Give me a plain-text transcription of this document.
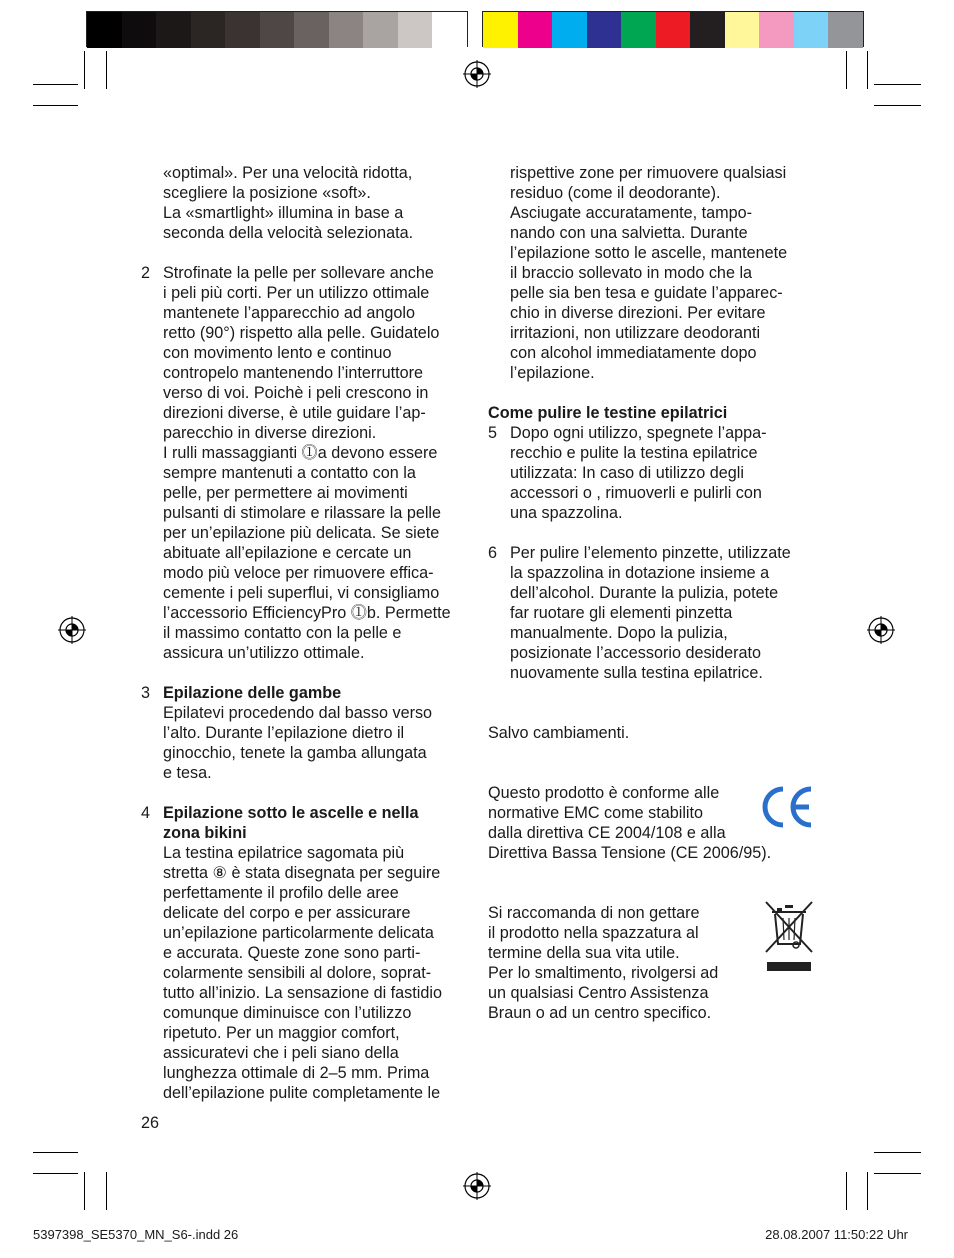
«optimal». Per una velocità ridotta,
scegliere la posizione «soft».
La «smartlight» illumina in base a
seconda della velocità selezionata.
2 Strofinate la pelle per sollevare anche
i peli più corti. Per un utilizzo ottimale
mantenete l’apparecchio ad angolo
retto (90°) rispetto alla pelle. Guidatelo
con movimento lento e continuo
contropelo mantenendo l’interruttore
verso di voi. Poichè i peli crescono in
direzioni diverse, è utile guidare l’ap-
parecchio in diverse direzioni.
I rulli massaggianti ⓵a devono essere
sempre mantenuti a contatto con la
pelle, per permettere ai movimenti
pulsanti di stimolare e rilassare la pelle
per un’epilazione più delicata. Se siete
abituate all’epilazione e cercate un
modo più veloce per rimuovere effica-
cemente i peli superflui, vi consigliamo
l’accessorio EfficiencyPro ⓵b. Permette
il massimo contatto con la pelle e
assicura un’utilizzo ottimale.
3 Epilazione delle gambe
Epilatevi procedendo dal basso verso
l’alto. Durante l’epilazione dietro il
ginocchio, tenete la gamba allungata
e tesa.
4 Epilazione sotto le ascelle e nella
zona bikini
La testina epilatrice sagomata più
stretta ⑧ è stata disegnata per seguire
perfettamente il profilo delle aree
delicate del corpo e per assicurare
un’epilazione particolarmente delicata
e accurata. Queste zone sono parti-
colarmente sensibili al dolore, soprat-
tutto all’inizio. La sensazione di fastidio
comunque diminuisce con l’utilizzo
ripetuto. Per un maggior comfort,
assicuratevi che i peli siano della
lunghezza ottimale di 2–5 mm. Prima
dell’epilazione pulite completamente le
rispettive zone per rimuovere qualsiasi
residuo (come il deodorante).
Asciugate accuratamente, tampo-
nando con una salvietta. Durante
l’epilazione sotto le ascelle, mantenete
il braccio sollevato in modo che la
pelle sia ben tesa e guidate l’apparec-
chio in diverse direzioni. Per evitare
irritazioni, non utilizzare deodoranti
con alcohol immediatamente dopo
l’epilazione.
Come pulire le testine epilatrici
5 Dopo ogni utilizzo, spegnete l’appa-
recchio e pulite la testina epilatrice
utilizzata: In caso di utilizzo degli
accessori o , rimuoverli e pulirli con
una spazzolina.
6 Per pulire l’elemento pinzette, utilizzate
la spazzolina in dotazione insieme a
dell’alcohol. Durante la pulizia, potete
far ruotare gli elementi pinzetta
manualmente. Dopo la pulizia,
posizionate l’accessorio desiderato
nuovamente sulla testina epilatrice.

Salvo cambiamenti.

Questo prodotto è conforme alle
normative EMC come stabilito
dalla direttiva CE 2004/108 e alla
Direttiva Bassa Tensione (CE 2006/95).

Si raccomanda di non gettare
il prodotto nella spazzatura al
termine della sua vita utile.
Per lo smaltimento, rivolgersi ad
un qualsiasi Centro Assistenza
Braun o ad un centro specifico.

26
5397398_SE5370_MN_S6-.indd 26	28.08.2007 11:50:22 Uhr
